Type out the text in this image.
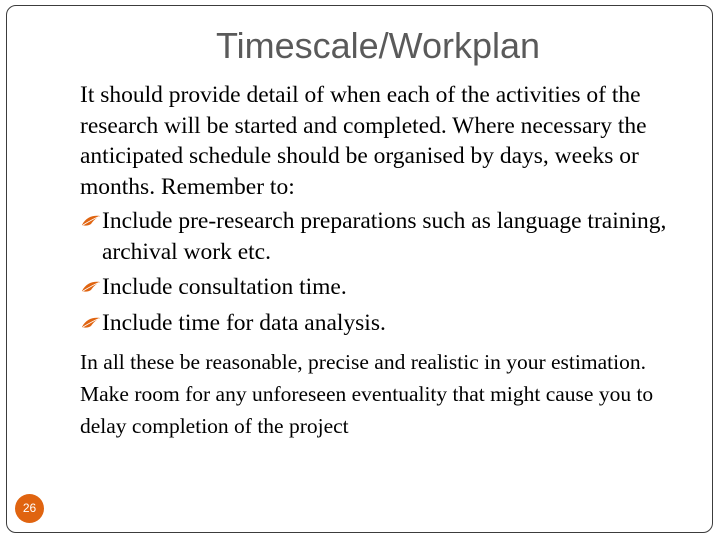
Timescale/Workplan

It should provide detail of when each of the activities of the research will be started and completed. Where necessary the anticipated schedule should be organised by days, weeks or months. Remember to:

Include pre-research preparations such as language training, archival work etc.
Include consultation time.
Include time for data analysis.

In all these be reasonable, precise and realistic in your estimation. Make room for any unforeseen eventuality that might cause you to delay completion of the project

26
